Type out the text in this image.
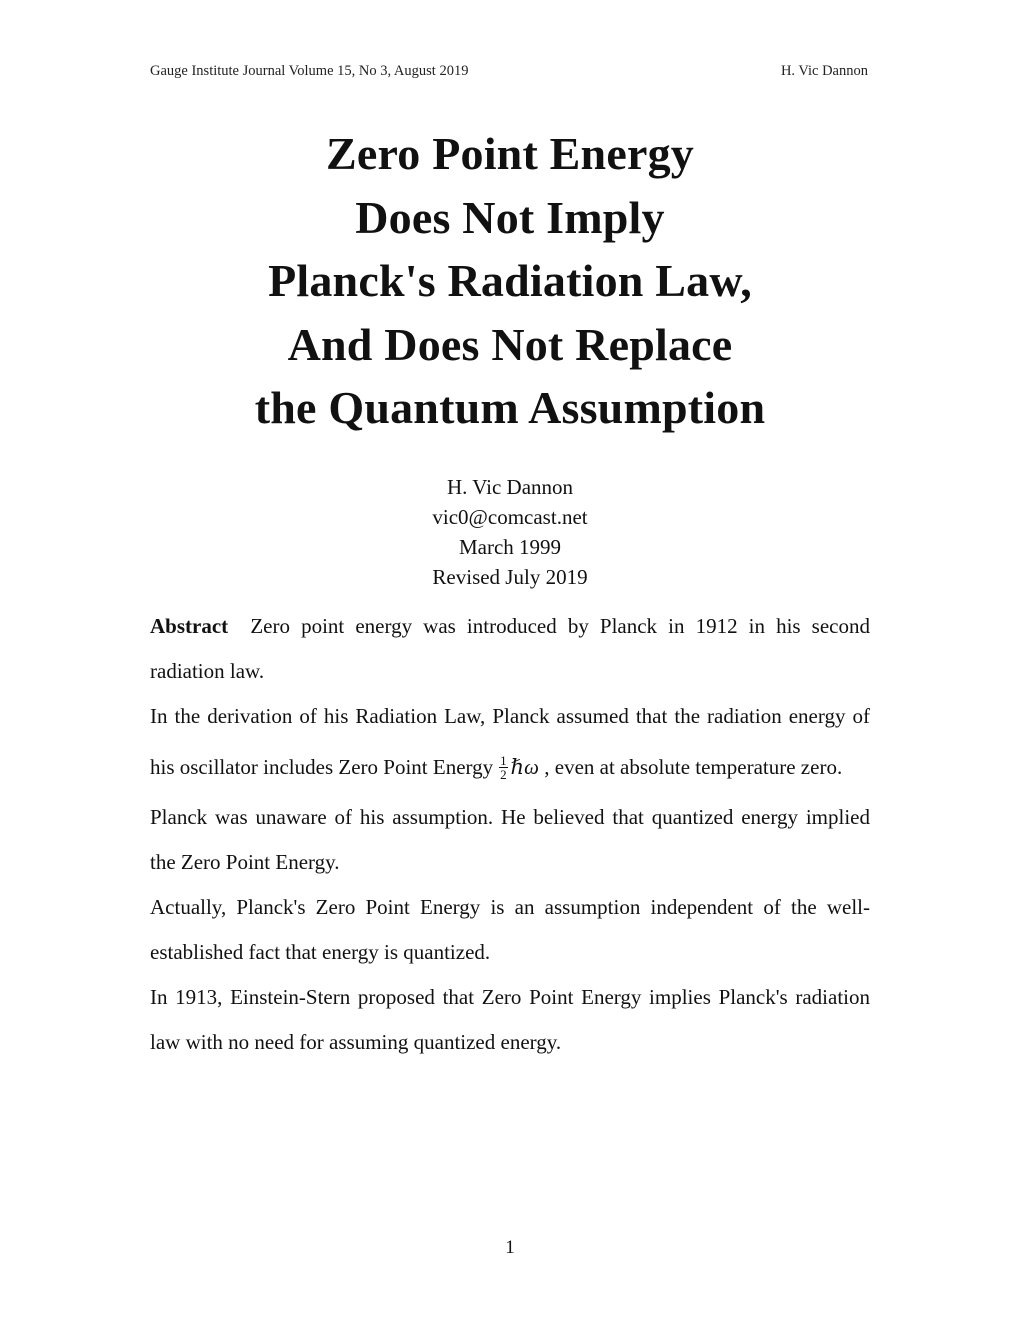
Gauge Institute Journal Volume 15, No 3, August 2019	H. Vic Dannon
Zero Point Energy
Does Not Imply
Planck's Radiation Law,
And Does Not Replace
the Quantum Assumption
H. Vic Dannon
vic0@comcast.net
March 1999
Revised July 2019

Abstract Zero point energy was introduced by Planck in 1912 in his second radiation law.

In the derivation of his Radiation Law, Planck assumed that the radiation energy of his oscillator includes Zero Point Energy $\frac{1}{2}$ ℏω , even at absolute temperature zero.

Planck was unaware of his assumption. He believed that quantized energy implied the Zero Point Energy.

Actually, Planck's Zero Point Energy is an assumption independent of the well-established fact that energy is quantized.

In 1913, Einstein-Stern proposed that Zero Point Energy implies Planck's radiation law with no need for assuming quantized energy.

1
